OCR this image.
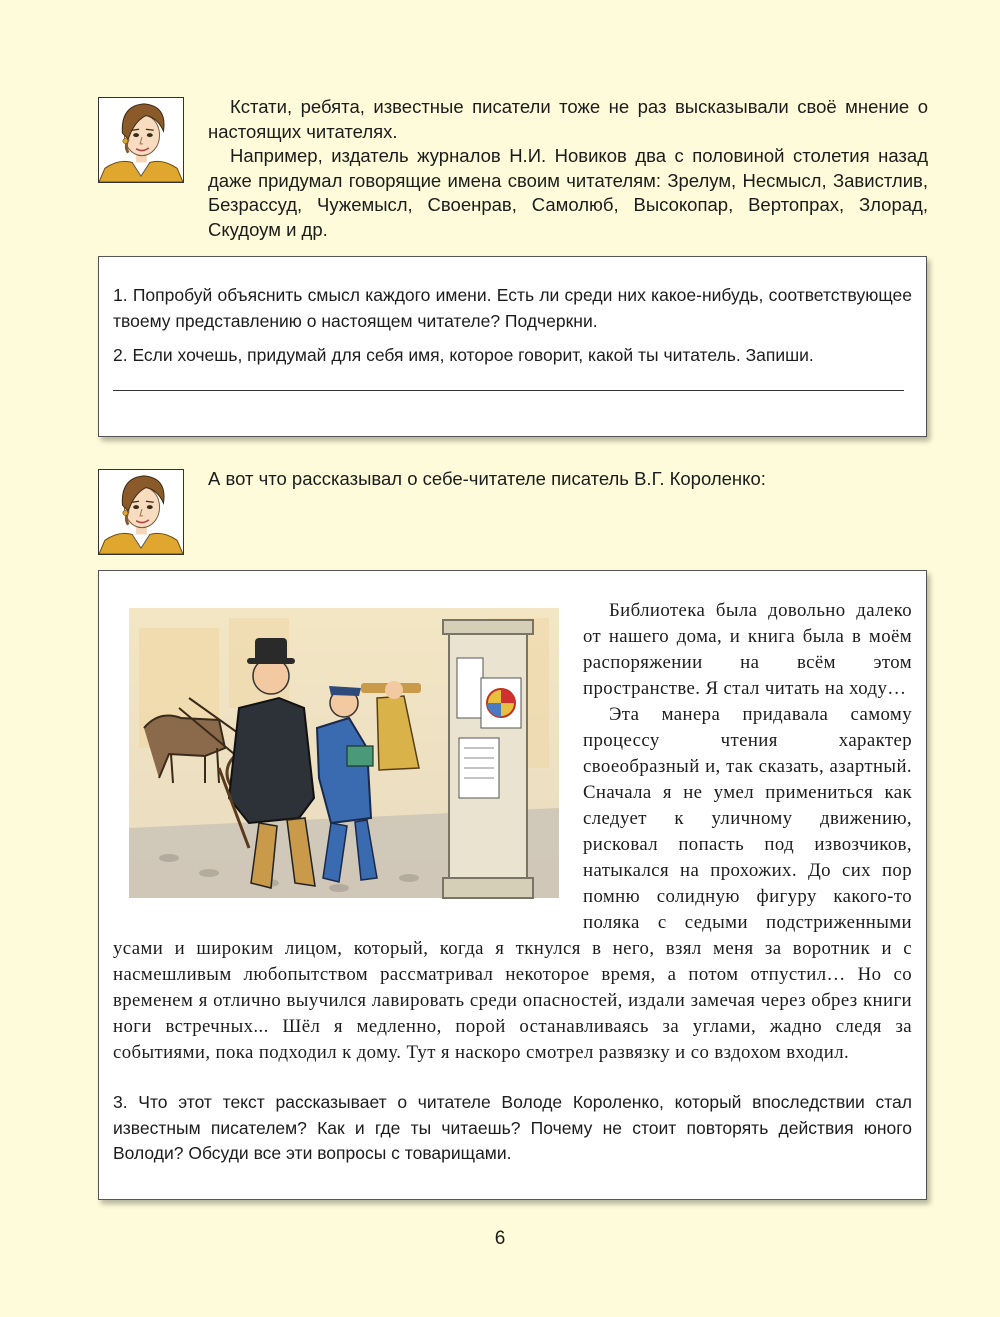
Кстати, ребята, известные писатели тоже не раз высказывали своё мнение о настоящих читателях.

Например, издатель журналов Н.И. Новиков два с половиной столетия назад даже придумал говорящие имена своим читателям: Зрелум, Несмысл, Завистлив, Безрассуд, Чужемысл, Своенрав, Самолюб, Высокопар, Вертопрах, Злорад, Скудоум и др.

1. Попробуй объяснить смысл каждого имени. Есть ли среди них какое-нибудь, соответствующее твоему представлению о настоящем читателе? Подчеркни.

2. Если хочешь, придумай для себя имя, которое говорит, какой ты читатель. Запиши.

А вот что рассказывал о себе-читателе писатель В.Г. Короленко:

Библиотека была довольно далеко от нашего дома, и книга была в моём распоряжении на всём этом пространстве. Я стал читать на ходу…

Эта манера придавала самому процессу чтения характер своеобразный и, так сказать, азартный. Сначала я не умел примениться как следует к уличному движению, рисковал попасть под извозчиков, натыкался на прохожих. До сих пор помню солидную фигуру какого-то поляка с седыми подстриженными усами и широким лицом, который, когда я ткнулся в него, взял меня за воротник и с насмешливым любопытством рассматривал некоторое время, а потом отпустил… Но со временем я отлично выучился лавировать среди опасностей, издали замечая через обрез книги ноги встречных... Шёл я медленно, порой останавливаясь за углами, жадно следя за событиями, пока подходил к дому. Тут я наскоро смотрел развязку и со вздохом входил.

3. Что этот текст рассказывает о читателе Володе Короленко, который впоследствии стал известным писателем? Как и где ты читаешь? Почему не стоит повторять действия юного Володи? Обсуди все эти вопросы с товарищами.
6
